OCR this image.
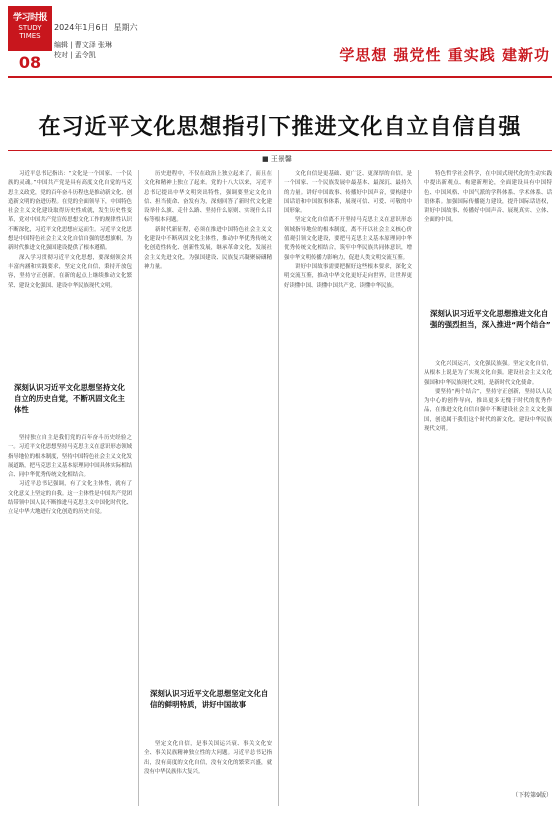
学习时报
STUDY TIMES
08
2024年1月6日 星期六
编辑 | 曹文泽 张琳
校对 | 孟令凯	学思想 强党性 重实践 建新功
在习近平文化思想指引下推进文化自立自信自强
■ 王景馨

习近平总书记指出：“文化是一个国家、一个民族的灵魂。”中国共产党是具有高度文化自觉的马克思主义政党，党的百年奋斗历程也是推动新文化、创造新文明的奋进历程。在党的全面领导下，中国特色社会主义文化建设取得历史性成就，发生历史性变革，党对中国共产党宣传思想文化工作的规律性认识不断深化，习近平文化思想应运而生。习近平文化思想是中国特色社会主义文化自信自强的思想旗帜，为新时代推进文化强国建设提供了根本遵循。

深入学习贯彻习近平文化思想，要深刻领会其丰富内涵和实践要求，坚定文化自信，秉持开放包容，坚持守正创新，在新的起点上继续推动文化繁荣、建设文化强国、建设中华民族现代文明。

深刻认识习近平文化思想坚持文化自立的历史自觉，不断巩固文化主体性

坚持独立自主是我们党的百年奋斗历史经验之一。习近平文化思想坚持马克思主义在意识形态领域指导地位的根本制度，坚持中国特色社会主义文化发展道路，把马克思主义基本原理同中国具体实际相结合、同中华优秀传统文化相结合。

习近平总书记强调，有了文化主体性，就有了文化意义上坚定的自我。这一主体性是中国共产党团结带领中国人民不断推进马克思主义中国化时代化、立足中华大地进行文化创造的历史自觉。

历史进程中，不仅在政治上独立起来了，而且在文化和精神上独立了起来。党的十八大以来，习近平总书记提出中华文明突出特性，强调要坚定文化自信、担当使命、奋发有为，深刻回答了新时代文化建设举什么旗、走什么路、坚持什么原则、实现什么目标等根本问题。

新时代新征程，必须在推进中国特色社会主义文化建设中不断巩固文化主体性，推动中华优秀传统文化创造性转化、创新性发展，继承革命文化，发展社会主义先进文化，为强国建设、民族复兴凝聚磅礴精神力量。

深刻认识习近平文化思想坚定文化自信的鲜明特质，讲好中国故事

坚定文化自信，是事关国运兴衰、事关文化安全、事关民族精神独立性的大问题。习近平总书记指出，没有高度的文化自信，没有文化的繁荣兴盛，就没有中华民族伟大复兴。

文化自信是更基础、更广泛、更深厚的自信，是一个国家、一个民族发展中最基本、最深沉、最持久的力量。讲好中国故事、传播好中国声音，要构建中国话语和中国叙事体系，展现可信、可爱、可敬的中国形象。

坚定文化自信离不开坚持马克思主义在意识形态领域指导地位的根本制度，离不开以社会主义核心价值观引领文化建设，要把马克思主义基本原理同中华优秀传统文化相结合，筑牢中华民族共同体意识，增强中华文明传播力影响力，促进人类文明交流互鉴。

讲好中国故事需要把握好这些根本要求，深化文明交流互鉴，推动中华文化更好走向世界，让世界更好读懂中国、读懂中国共产党、读懂中华民族。

特色哲学社会科学，在中国式现代化的生动实践中提出新观点、构建新理论，全面建设具有中国特色、中国风格、中国气派的学科体系、学术体系、话语体系。加强国际传播能力建设，提升国际话语权，讲好中国故事、传播好中国声音、展现真实、立体、全面的中国。

深刻认识习近平文化思想推进文化自强的强烈担当，深入推进“两个结合”

文化兴国运兴，文化强民族强。坚定文化自信，从根本上说是为了实现文化自强。建设社会主义文化强国和中华民族现代文明，是新时代文化使命。

要坚持“两个结合”，坚持守正创新，坚持以人民为中心的创作导向，推出更多无愧于时代的优秀作品，在推进文化自信自强中不断建设社会主义文化强国，创造属于我们这个时代的新文化，建设中华民族现代文明。

（下转第9版）
